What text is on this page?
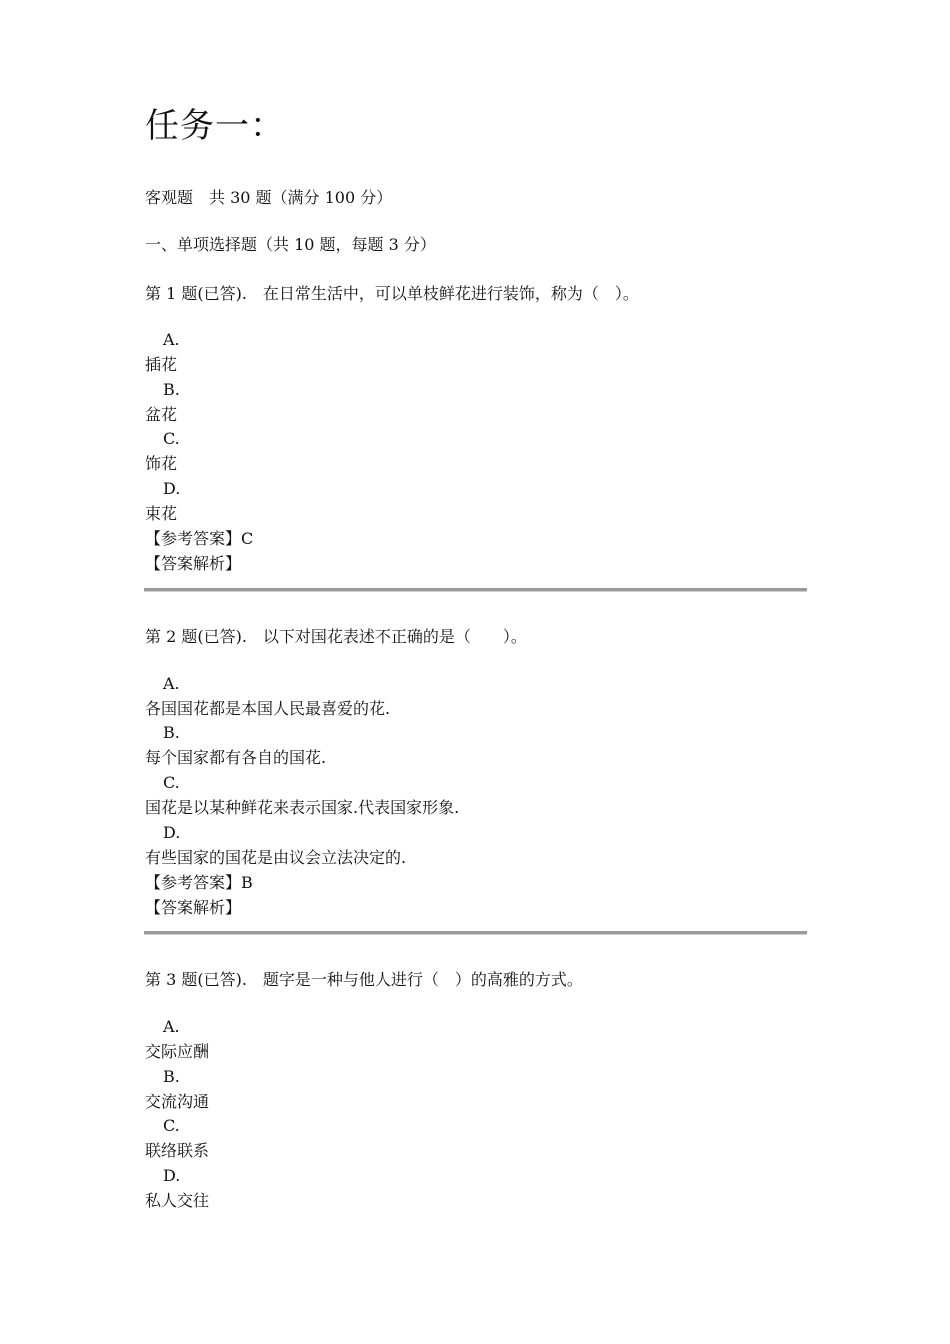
任务一：
客观题　共 30 题（满分 100 分）
一、单项选择题（共 10 题，每题 3 分）
第 1 题(已答).　在日常生活中，可以单枝鲜花进行装饰，称为（　）。
A.
插花
B.
盆花
C.
饰花
D.
束花
【参考答案】C
【答案解析】
第 2 题(已答).　以下对国花表述不正确的是（　　）。
A.
各国国花都是本国人民最喜爱的花.
B.
每个国家都有各自的国花.
C.
国花是以某种鲜花来表示国家.代表国家形象.
D.
有些国家的国花是由议会立法决定的.
【参考答案】B
【答案解析】
第 3 题(已答).　题字是一种与他人进行（　）的高雅的方式。
A.
交际应酬
B.
交流沟通
C.
联络联系
D.
私人交往
